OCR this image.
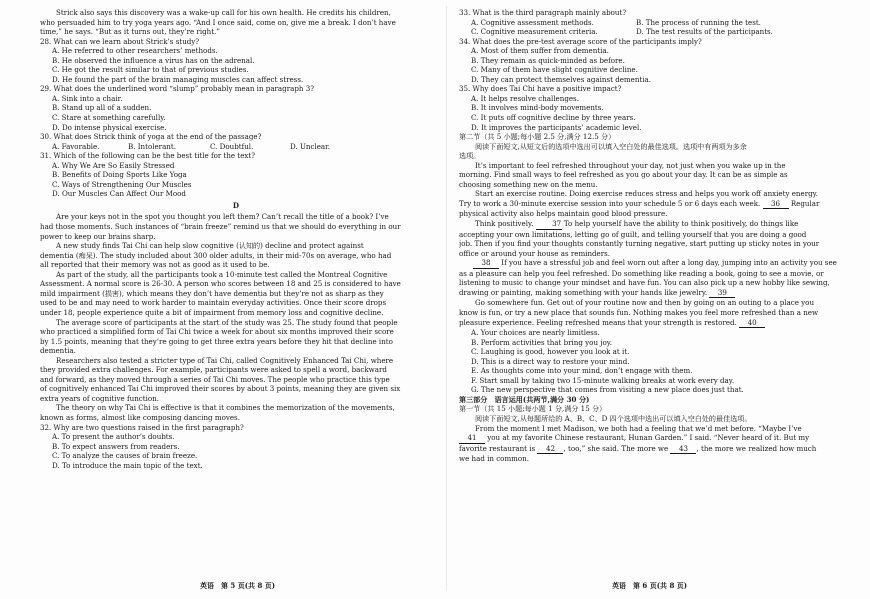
Strick also says this discovery was a wake-up call for his own health. He credits his children,

who persuaded him to try yoga years ago. “And I once said, come on, give me a break. I don’t have

time,” he says. “But as it turns out, they’re right.”

28. What can we learn about Strick’s study?

A. He referred to other researchers’ methods.

B. He observed the influence a virus has on the adrenal.

C. He got the result similar to that of previous studies.

D. He found the part of the brain managing muscles can affect stress.

29. What does the underlined word “slump” probably mean in paragraph 3?

A. Sink into a chair.

B. Stand up all of a sudden.

C. Stare at something carefully.

D. Do intense physical exercise.

30. What does Strick think of yoga at the end of the passage?

A. Favorable.	B. Intolerant.	C. Doubtful.	D. Unclear.

31. Which of the following can be the best title for the text?

A. Why We Are So Easily Stressed

B. Benefits of Doing Sports Like Yoga

C. Ways of Strengthening Our Muscles

D. Our Muscles Can Affect Our Mood

D

Are your keys not in the spot you thought you left them? Can’t recall the title of a book? I’ve

had those moments. Such instances of “brain freeze” remind us that we should do everything in our

power to keep our brains sharp.

A new study finds Tai Chi can help slow cognitive (认知的) decline and protect against

dementia (痴呆). The study included about 300 older adults, in their mid-70s on average, who had

all reported that their memory was not as good as it used to be.

As part of the study, all the participants took a 10-minute test called the Montreal Cognitive

Assessment. A normal score is 26-30. A person who scores between 18 and 25 is considered to have

mild impairment (损害), which means they don’t have dementia but they’re not as sharp as they

used to be and may need to work harder to maintain everyday activities. Once their score drops

under 18, people experience quite a bit of impairment from memory loss and cognitive decline.

The average score of participants at the start of the study was 25. The study found that people

who practiced a simplified form of Tai Chi twice a week for about six months improved their score

by 1.5 points, meaning that they’re going to get three extra years before they hit that decline into

dementia.

Researchers also tested a stricter type of Tai Chi, called Cognitively Enhanced Tai Chi, where

they provided extra challenges. For example, participants were asked to spell a word, backward

and forward, as they moved through a series of Tai Chi moves. The people who practice this type

of cognitively enhanced Tai Chi improved their scores by about 3 points, meaning they are given six

extra years of cognitive function.

The theory on why Tai Chi is effective is that it combines the memorization of the movements,

known as forms, almost like composing dancing moves.

32. Why are two questions raised in the first paragraph?

A. To present the author’s doubts.

B. To expect answers from readers.

C. To analyze the causes of brain freeze.

D. To introduce the main topic of the text.

33. What is the third paragraph mainly about?

A. Cognitive assessment methods.	B. The process of running the test.
C. Cognitive measurement criteria.	D. The test results of the participants.

34. What does the pre-test average score of the participants imply?

A. Most of them suffer from dementia.

B. They remain as quick-minded as before.

C. Many of them have slight cognitive decline.

D. They can protect themselves against dementia.

35. Why does Tai Chi have a positive impact?

A. It helps resolve challenges.

B. It involves mind-body movements.

C. It puts off cognitive decline by three years.

D. It improves the participants’ academic level.

第二节（共 5 小题;每小题 2.5 分,满分 12.5 分）

阅读下面短文,从短文后的选项中选出可以填入空白处的最佳选项。选项中有两项为多余

选项。

It’s important to feel refreshed throughout your day, not just when you wake up in the

morning. Find small ways to feel refreshed as you go about your day. It can be as simple as

choosing something new on the menu.

Start an exercise routine. Doing exercise reduces stress and helps you work off anxiety energy.

Try to work a 30-minute exercise session into your schedule 5 or 6 days each week. 36 Regular

physical activity also helps maintain good blood pressure.

Think positively.	37 To help yourself have the ability to think positively, do things like

accepting your own limitations, letting go of guilt, and telling yourself that you are doing a good

job. Then if you find your thoughts constantly turning negative, start putting up sticky notes in your

office or around your house as reminders.

38 If you have a stressful job and feel worn out after a long day, jumping into an activity you see

as a pleasure can help you feel refreshed. Do something like reading a book, going to see a movie, or

listening to music to change your mindset and have fun. You can also pick up a new hobby like sewing,

drawing or painting, making something with your hands like jewelry. 39

Go somewhere fun. Get out of your routine now and then by going on an outing to a place you

know is fun, or try a new place that sounds fun. Nothing makes you feel more refreshed than a new

pleasure experience. Feeling refreshed means that your strength is restored. 40

A. Your choices are nearly limitless.

B. Perform activities that bring you joy.

C. Laughing is good, however you look at it.

D. This is a direct way to restore your mind.

E. As thoughts come into your mind, don’t engage with them.

F. Start small by taking two 15-minute walking breaks at work every day.

G. The new perspective that comes from visiting a new place does just that.

第三部分　语言运用(共两节,满分 30 分)

第一节（共 15 小题;每小题 1 分,满分 15 分）

阅读下面短文,从每题所给的 A、B、C、D 四个选项中选出可以填入空白处的最佳选项。

From the moment I met Madison, we both had a feeling that we’d met before. “Maybe I’ve

41 you at my favorite Chinese restaurant, Hunan Garden.” I said. “Never heard of it. But my

favorite restaurant is 42 , too,” she said. The more we 43 , the more we realized how much

we had in common.

英语　第 5 页(共 8 页)	英语　第 6 页(共 8 页)
